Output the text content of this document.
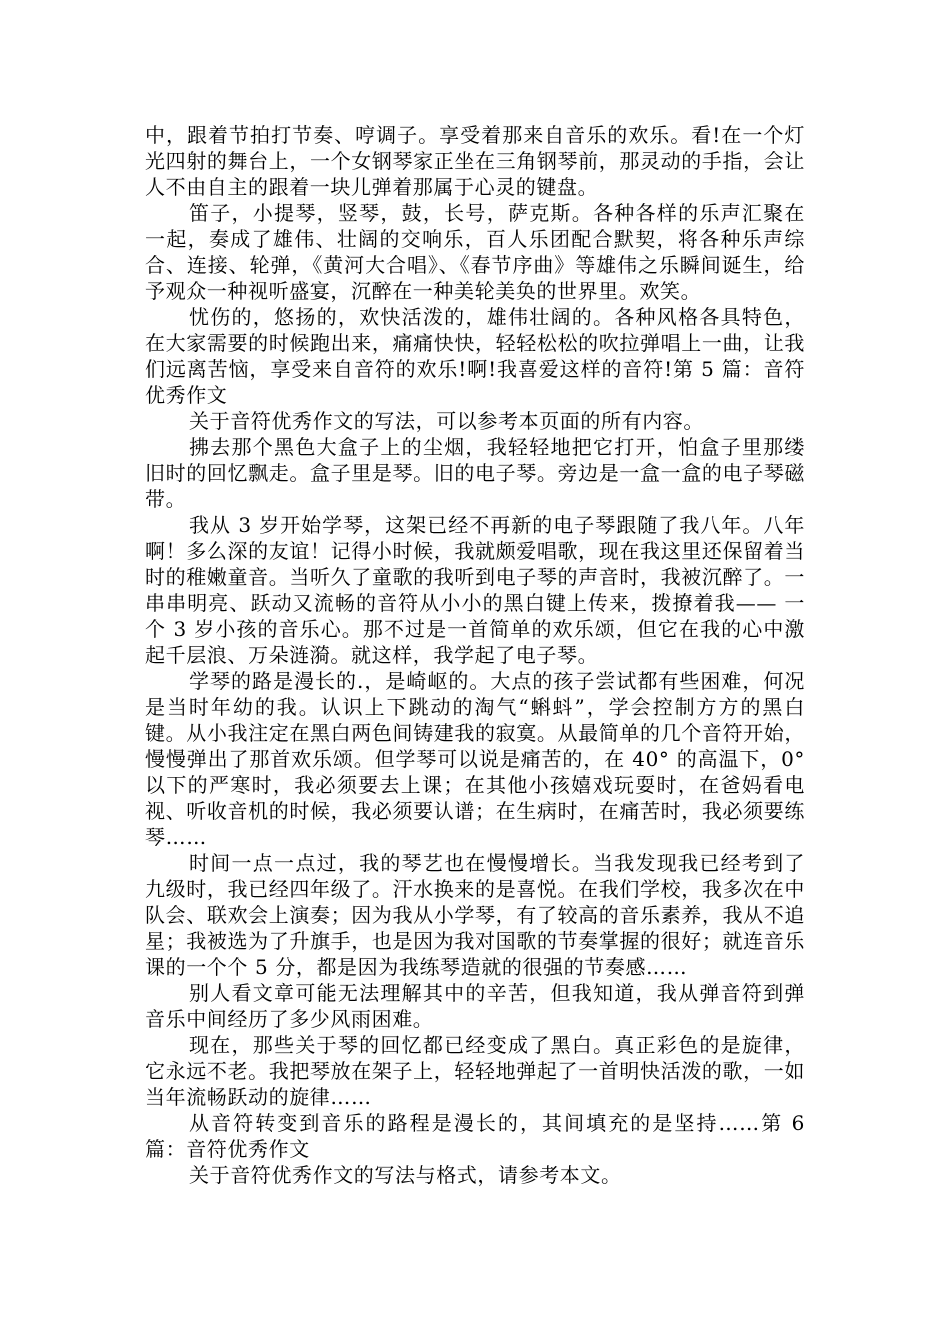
中，跟着节拍打节奏、哼调子。享受着那来自音乐的欢乐。看!在一个灯光四射的舞台上，一个女钢琴家正坐在三角钢琴前，那灵动的手指，会让人不由自主的跟着一块儿弹着那属于心灵的键盘。

笛子，小提琴，竖琴，鼓，长号，萨克斯。各种各样的乐声汇聚在一起，奏成了雄伟、壮阔的交响乐，百人乐团配合默契，将各种乐声综合、连接、轮弹，《黄河大合唱》、《春节序曲》等雄伟之乐瞬间诞生，给予观众一种视听盛宴，沉醉在一种美轮美奂的世界里。欢笑。

忧伤的，悠扬的，欢快活泼的，雄伟壮阔的。各种风格各具特色，在大家需要的时候跑出来，痛痛快快，轻轻松松的吹拉弹唱上一曲，让我们远离苦恼，享受来自音符的欢乐!啊!我喜爱这样的音符!第 5 篇：音符优秀作文

关于音符优秀作文的写法，可以参考本页面的所有内容。

拂去那个黑色大盒子上的尘烟，我轻轻地把它打开，怕盒子里那缕旧时的回忆飘走。盒子里是琴。旧的电子琴。旁边是一盒一盒的电子琴磁带。

我从 3 岁开始学琴，这架已经不再新的电子琴跟随了我八年。八年啊！多么深的友谊！记得小时候，我就颇爱唱歌，现在我这里还保留着当时的稚嫩童音。当听久了童歌的我听到电子琴的声音时，我被沉醉了。一串串明亮、跃动又流畅的音符从小小的黑白键上传来，拨撩着我—— 一个 3 岁小孩的音乐心。那不过是一首简单的欢乐颂，但它在我的心中激起千层浪、万朵涟漪。就这样，我学起了电子琴。

学琴的路是漫长的.，是崎岖的。大点的孩子尝试都有些困难，何况是当时年幼的我。认识上下跳动的淘气“蝌蚪”，学会控制方方的黑白键。从小我注定在黑白两色间铸建我的寂寞。从最简单的几个音符开始，慢慢弹出了那首欢乐颂。但学琴可以说是痛苦的，在 40° 的高温下，0° 以下的严寒时，我必须要去上课；在其他小孩嬉戏玩耍时，在爸妈看电视、听收音机的时候，我必须要认谱；在生病时，在痛苦时，我必须要练琴……

时间一点一点过，我的琴艺也在慢慢增长。当我发现我已经考到了九级时，我已经四年级了。汗水换来的是喜悦。在我们学校，我多次在中队会、联欢会上演奏；因为我从小学琴，有了较高的音乐素养，我从不追星；我被选为了升旗手，也是因为我对国歌的节奏掌握的很好；就连音乐课的一个个 5 分，都是因为我练琴造就的很强的节奏感……

别人看文章可能无法理解其中的辛苦，但我知道，我从弹音符到弹音乐中间经历了多少风雨困难。

现在，那些关于琴的回忆都已经变成了黑白。真正彩色的是旋律，它永远不老。我把琴放在架子上，轻轻地弹起了一首明快活泼的歌，一如当年流畅跃动的旋律……

从音符转变到音乐的路程是漫长的，其间填充的是坚持……第 6 篇：音符优秀作文

关于音符优秀作文的写法与格式，请参考本文。
